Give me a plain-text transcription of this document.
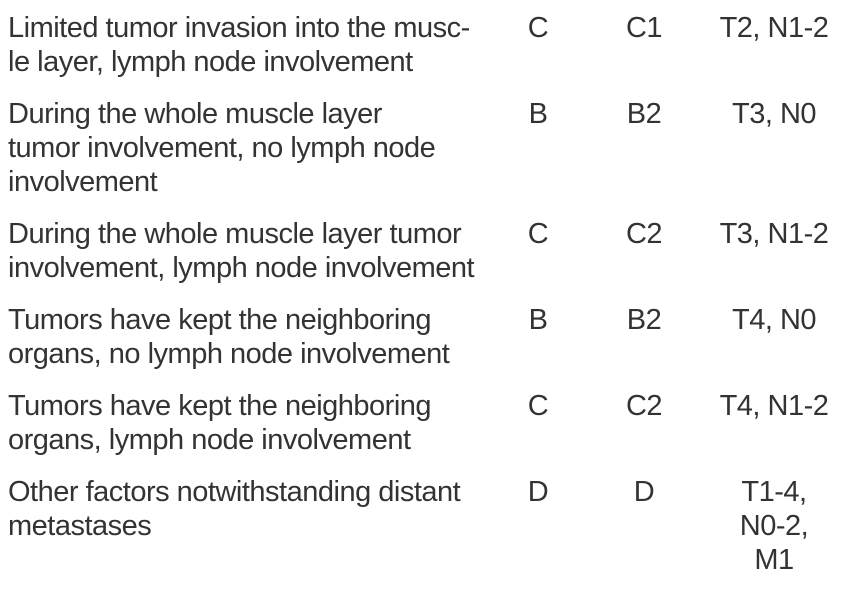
Limited tumor invasion into the musc-
le layer, lymph node involvement
C	C1	T2, N1-2
During the whole muscle layer
tumor involvement, no lymph node
involvement
B	B2	T3, N0
During the whole muscle layer tumor
involvement, lymph node involvement
C	C2	T3, N1-2
Tumors have kept the neighboring
organs, no lymph node involvement
B	B2	T4, N0
Tumors have kept the neighboring
organs, lymph node involvement
C	C2	T4, N1-2
Other factors notwithstanding distant
metastases
D	D	T1-4,
N0-2,
M1
